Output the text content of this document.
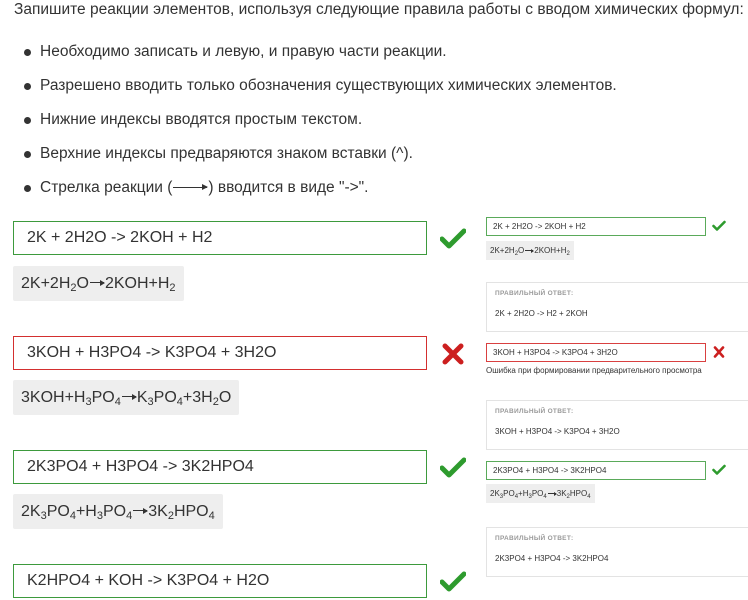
Запишите реакции элементов, используя следующие правила работы с вводом химических формул:
Необходимо записать и левую, и правую части реакции.
Разрешено вводить только обозначения существующих химических элементов.
Нижние индексы вводятся простым текстом.
Верхние индексы предваряются знаком вставки (^).
Стрелка реакции (→) вводится в виде "->".
2K + 2H2O -> 2KOH + H2
$2K+2H_2O\to 2KOH+H_2$
3KOH + H3PO4 -> K3PO4 + 3H2O
$3KOH+H_3PO_4\to K_3PO_4+3H_2O$
2K3PO4 + H3PO4 -> 3K2HPO4
$2K_3PO_4+H_3PO_4\to 3K_2HPO_4$
K2HPO4 + KOH -> K3PO4 + H2O
2K + 2H2O -> 2KOH + H2
$2K+2H_2O\to 2KOH+H_2$
ПРАВИЛЬНЫЙ ОТВЕТ:
2K + 2H2O -> H2 + 2KOH
3KOH + H3PO4 -> K3PO4 + 3H2O
Ошибка при формировании предварительного просмотра
ПРАВИЛЬНЫЙ ОТВЕТ:
3KOH + H3PO4 -> K3PO4 + 3H2O
2K3PO4 + H3PO4 -> 3K2HPO4
$2K_3PO_4+H_3PO_4 \to 3K_2HPO_4$
ПРАВИЛЬНЫЙ ОТВЕТ:
2K3PO4 + H3PO4 -> 3K2HPO4
